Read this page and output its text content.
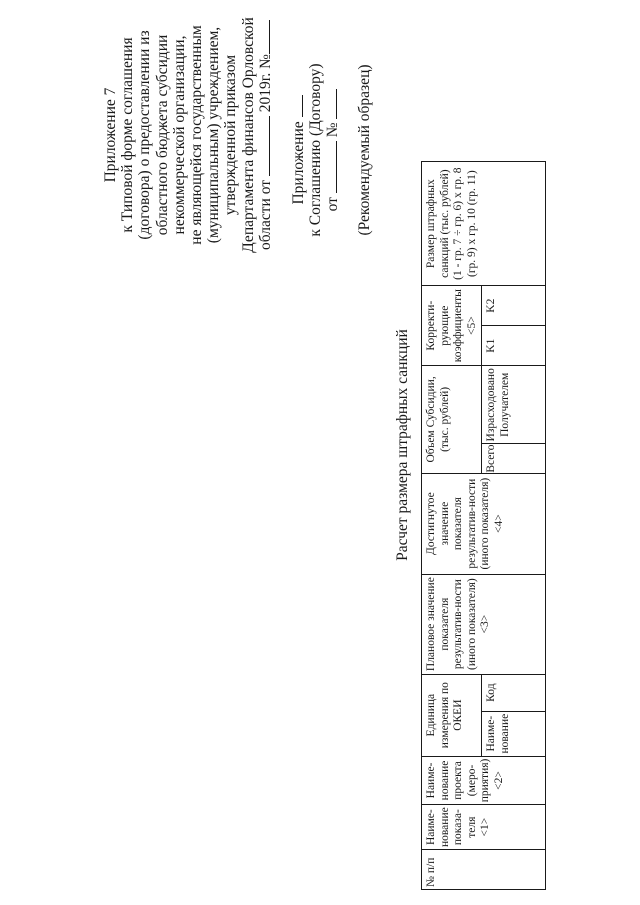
Приложение 7 к Типовой форме соглашения (договора) о предоставлении из областного бюджета субсидии некоммерческой организации, не являющейся государственным (муниципальным) учреждением, утвержденной приказом Департамента финансов Орловской области от  2019г. №
Приложение к Соглашению (Договору) от  № (Рекомендуемый образец)
Расчет размера штрафных санкций
№ п/п	Наиме-нование показа-теля <1>	Наиме-нование проекта (меро-приятия) <2>	Единица измерения по ОКЕИ		Плановое значение показателя результатив-ности (иного показателя) <3>	Достигнутое значение показателя результатив-ности (иного показателя) <4>	Объем Субсидии, (тыс. рублей)		Корректи-рующие коэффициенты <5>		Размер штрафных санкций (тыс. рублей) (1 - гр. 7 ÷ гр. 6) x гр. 8 (гр. 9) x гр. 10 (гр. 11)
			Наиме-нование	Код			Всего	Израсходовано Получателем	K1	K2	
